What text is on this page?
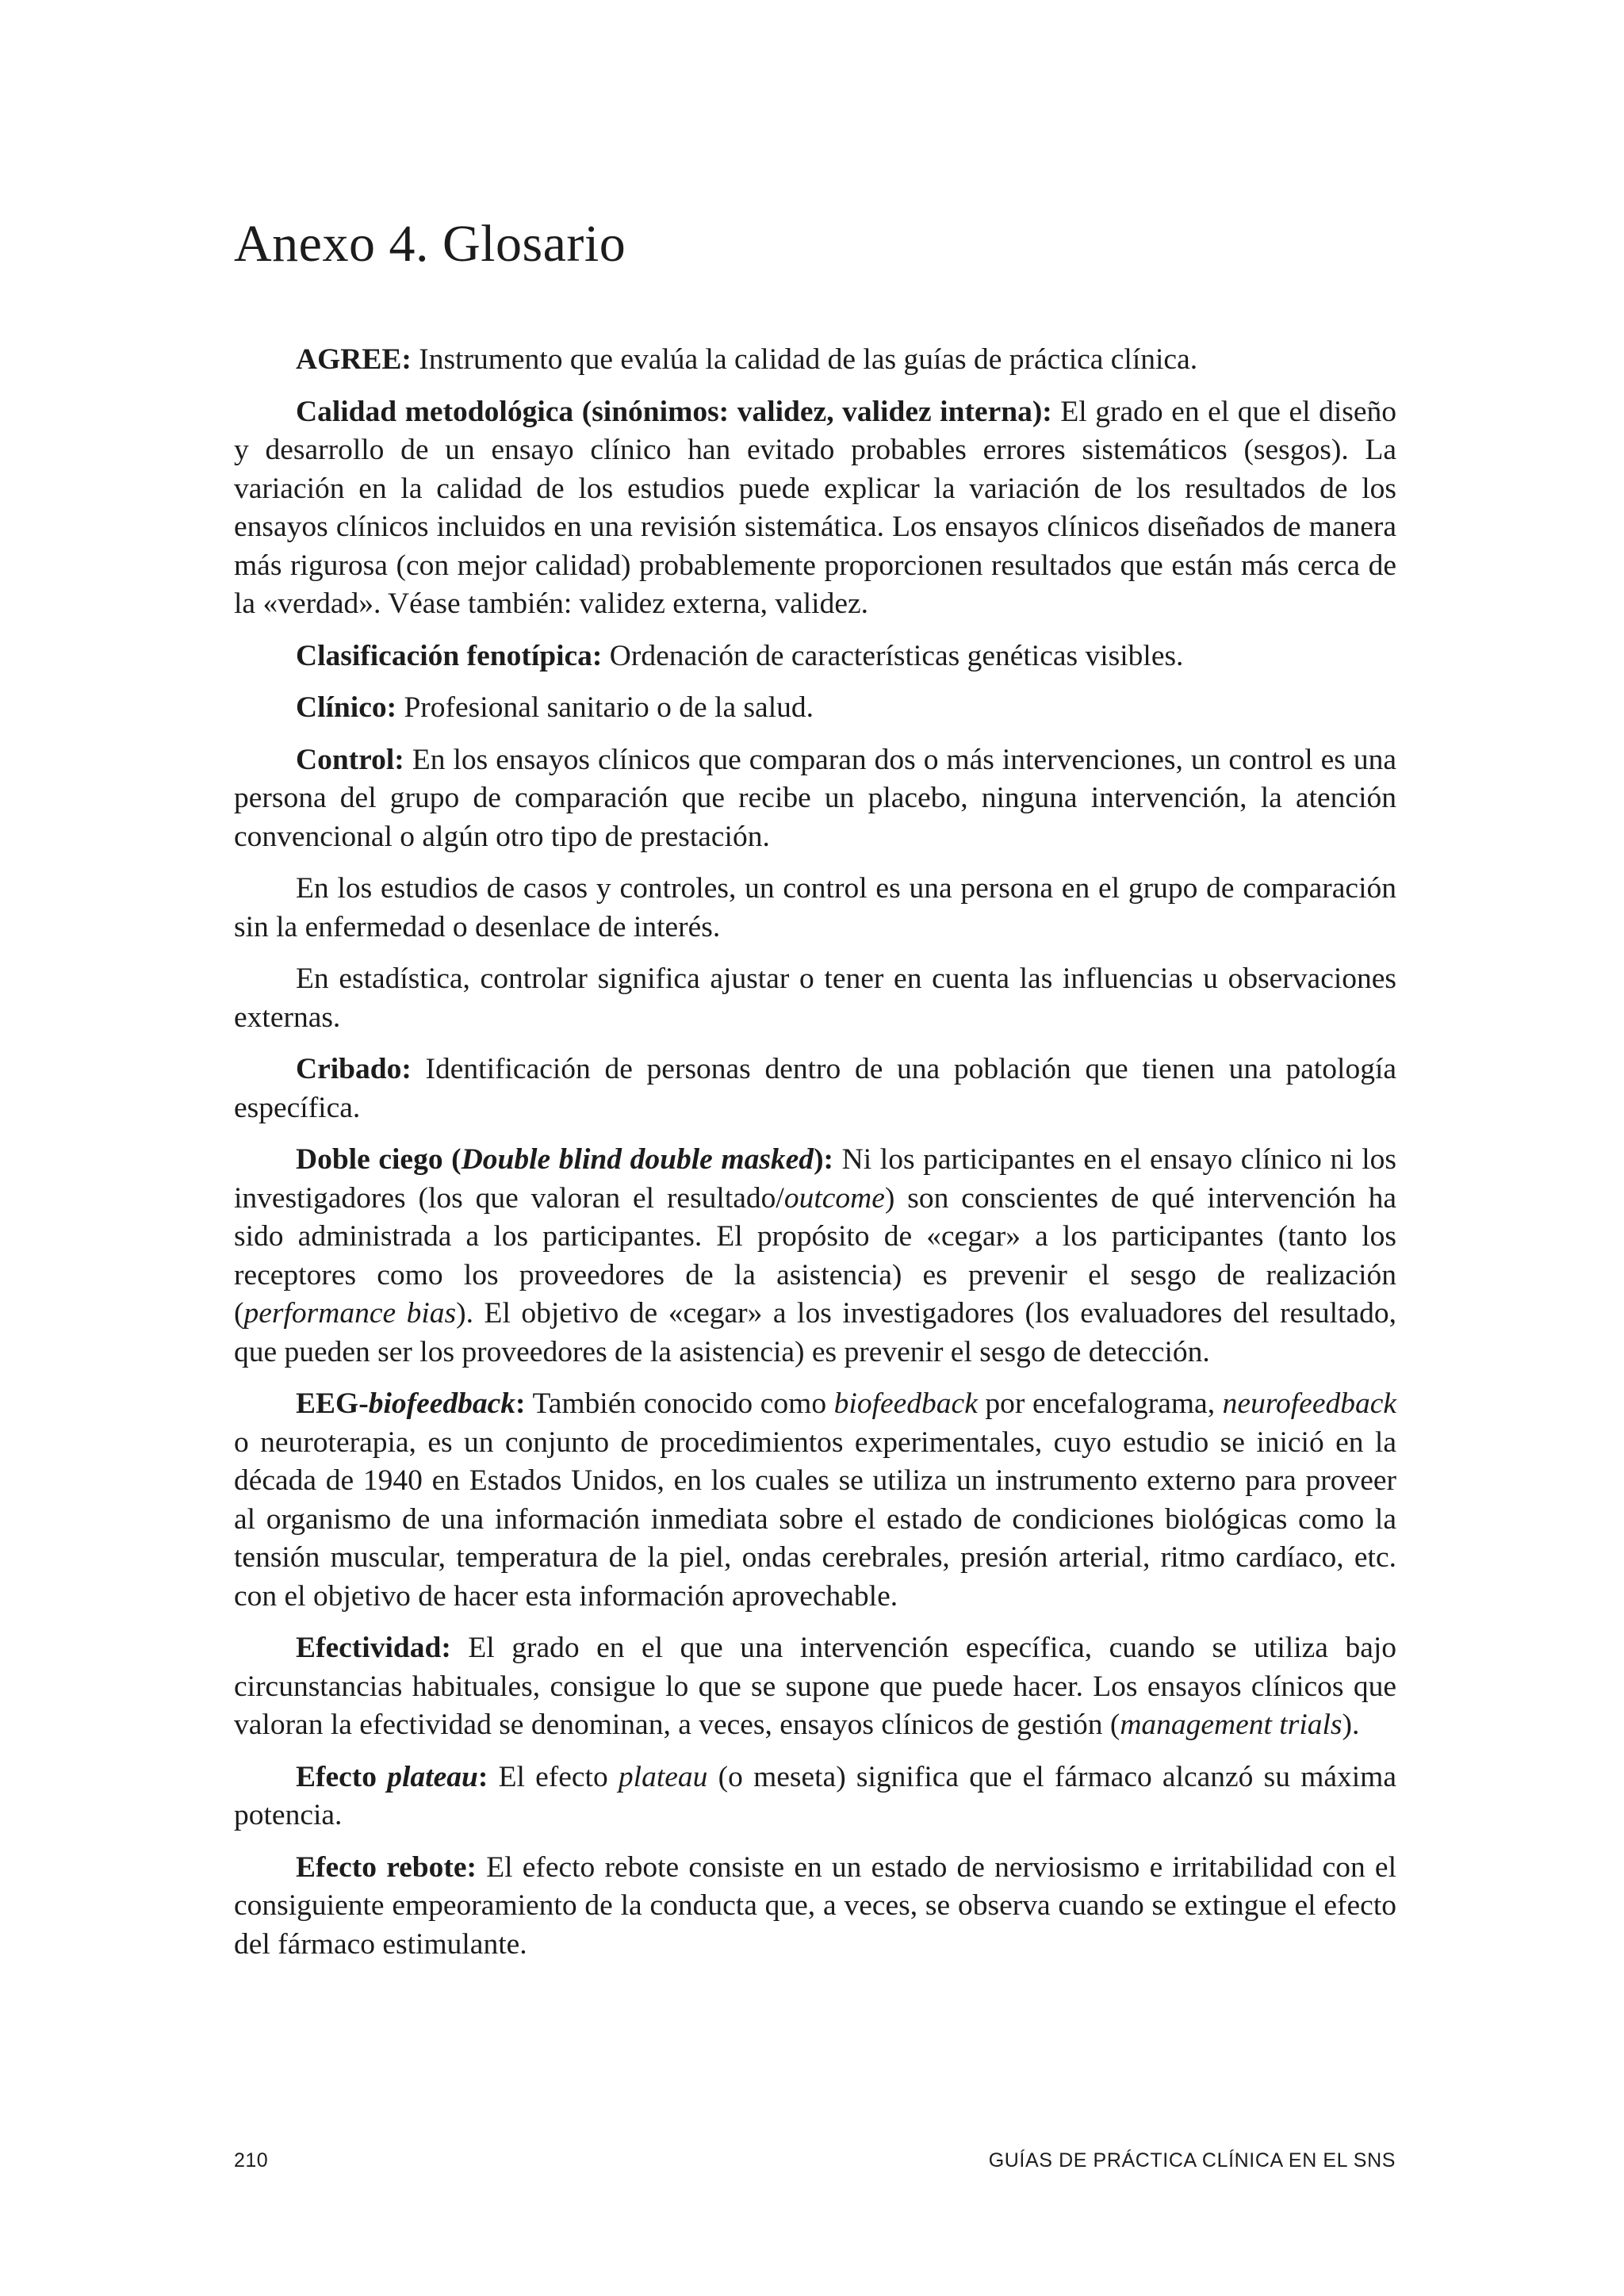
Anexo 4. Glosario

AGREE: Instrumento que evalúa la calidad de las guías de práctica clínica.

Calidad metodológica (sinónimos: validez, validez interna): El grado en el que el diseño y desarrollo de un ensayo clínico han evitado probables errores sistemáticos (sesgos). La variación en la calidad de los estudios puede explicar la variación de los resultados de los ensayos clínicos incluidos en una revisión sistemática. Los ensayos clínicos diseñados de manera más rigurosa (con mejor calidad) probablemente proporcionen resultados que están más cerca de la «verdad». Véase también: validez externa, validez.

Clasificación fenotípica: Ordenación de características genéticas visibles.

Clínico: Profesional sanitario o de la salud.

Control: En los ensayos clínicos que comparan dos o más intervenciones, un control es una persona del grupo de comparación que recibe un placebo, ninguna intervención, la atención convencional o algún otro tipo de prestación.

En los estudios de casos y controles, un control es una persona en el grupo de comparación sin la enfermedad o desenlace de interés.

En estadística, controlar significa ajustar o tener en cuenta las influencias u observaciones externas.

Cribado: Identificación de personas dentro de una población que tienen una patología específica.

Doble ciego (Double blind double masked): Ni los participantes en el ensayo clínico ni los investigadores (los que valoran el resultado/outcome) son conscientes de qué intervención ha sido administrada a los participantes. El propósito de «cegar» a los participantes (tanto los receptores como los proveedores de la asistencia) es prevenir el sesgo de realización (performance bias). El objetivo de «cegar» a los investigadores (los evaluadores del resultado, que pueden ser los proveedores de la asistencia) es prevenir el sesgo de detección.

EEG-biofeedback: También conocido como biofeedback por encefalograma, neurofeedback o neuroterapia, es un conjunto de procedimientos experimentales, cuyo estudio se inició en la década de 1940 en Estados Unidos, en los cuales se utiliza un instrumento externo para proveer al organismo de una información inmediata sobre el estado de condiciones biológicas como la tensión muscular, temperatura de la piel, ondas cerebrales, presión arterial, ritmo cardíaco, etc. con el objetivo de hacer esta información aprovechable.

Efectividad: El grado en el que una intervención específica, cuando se utiliza bajo circunstancias habituales, consigue lo que se supone que puede hacer. Los ensayos clínicos que valoran la efectividad se denominan, a veces, ensayos clínicos de gestión (management trials).

Efecto plateau: El efecto plateau (o meseta) significa que el fármaco alcanzó su máxima potencia.

Efecto rebote: El efecto rebote consiste en un estado de nerviosismo e irritabilidad con el consiguiente empeoramiento de la conducta que, a veces, se observa cuando se extingue el efecto del fármaco estimulante.

210	GUÍAS DE PRÁCTICA CLÍNICA EN EL SNS
